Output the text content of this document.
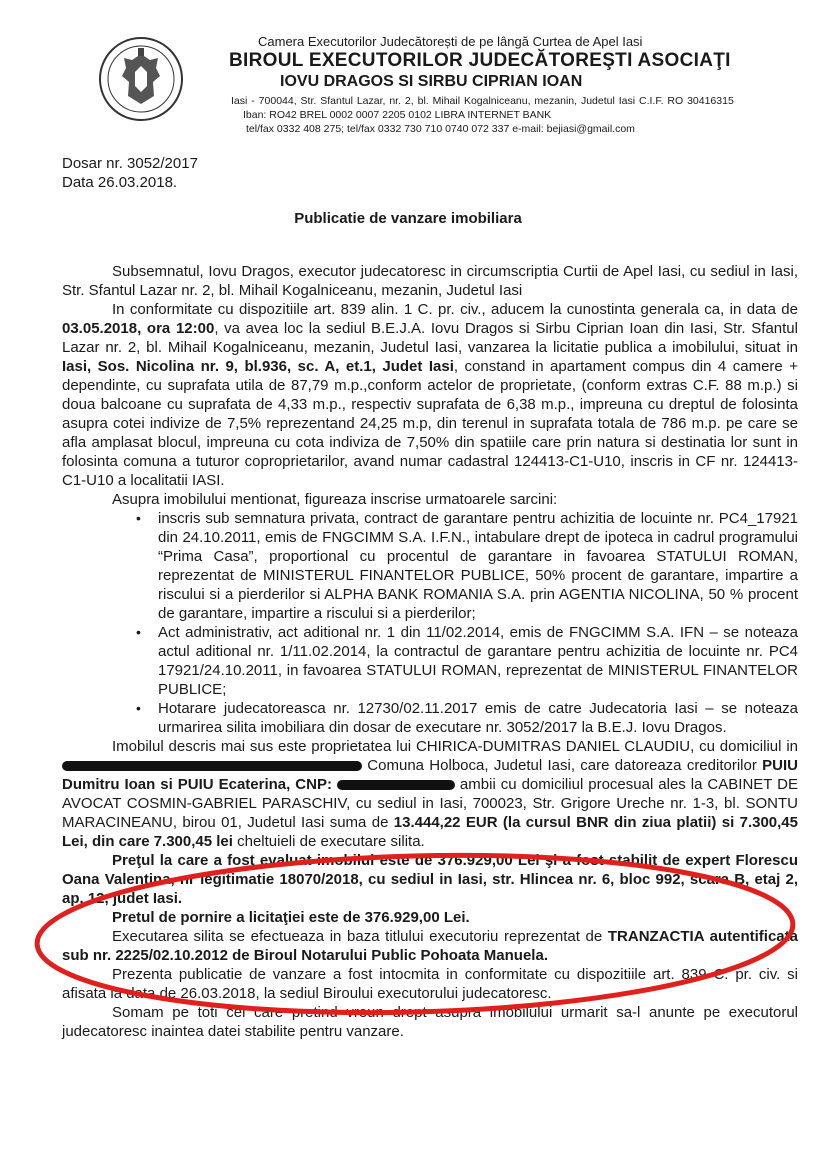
Camera Executorilor Judecătorești de pe lângă Curtea de Apel Iasi
BIROUL EXECUTORILOR JUDECĂTOREŞTI ASOCIAŢI
IOVU DRAGOS SI SIRBU CIPRIAN IOAN
Iasi - 700044, Str. Sfantul Lazar, nr. 2, bl. Mihail Kogalniceanu, mezanin, Judetul Iasi C.I.F. RO 30416315
Iban: RO42 BREL 0002 0007 2205 0102 LIBRA INTERNET BANK
tel/fax 0332 408 275; tel/fax 0332 730 710 0740 072 337 e-mail: bejiasi@gmail.com
Dosar nr. 3052/2017
Data 26.03.2018.
Publicatie de vanzare imobiliara

Subsemnatul, Iovu Dragos, executor judecatoresc in circumscriptia Curtii de Apel Iasi, cu sediul in Iasi, Str. Sfantul Lazar nr. 2, bl. Mihail Kogalniceanu, mezanin, Judetul Iasi

In conformitate cu dispozitiile art. 839 alin. 1 C. pr. civ., aducem la cunostinta generala ca, in data de 03.05.2018, ora 12:00, va avea loc la sediul B.E.J.A. Iovu Dragos si Sirbu Ciprian Ioan din Iasi, Str. Sfantul Lazar nr. 2, bl. Mihail Kogalniceanu, mezanin, Judetul Iasi, vanzarea la licitatie publica a imobilului, situat in Iasi, Sos. Nicolina nr. 9, bl.936, sc. A, et.1, Judet Iasi, constand in apartament compus din 4 camere + dependinte, cu suprafata utila de 87,79 m.p.,conform actelor de proprietate, (conform extras C.F. 88 m.p.) si doua balcoane cu suprafata de 4,33 m.p., respectiv suprafata de 6,38 m.p., impreuna cu dreptul de folosinta asupra cotei indivize de 7,5% reprezentand 24,25 m.p, din terenul in suprafata totala de 786 m.p. pe care se afla amplasat blocul, impreuna cu cota indiviza de 7,50% din spatiile care prin natura si destinatia lor sunt in folosinta comuna a tuturor coproprietarilor, avand numar cadastral 124413-C1-U10, inscris in CF nr. 124413-C1-U10 a localitatii IASI.

Asupra imobilului mentionat, figureaza inscrise urmatoarele sarcini:

• inscris sub semnatura privata, contract de garantare pentru achizitia de locuinte nr. PC4_17921 din 24.10.2011, emis de FNGCIMM S.A. I.F.N., intabulare drept de ipoteca in cadrul programului “Prima Casa”, proportional cu procentul de garantare in favoarea STATULUI ROMAN, reprezentat de MINISTERUL FINANTELOR PUBLICE, 50% procent de garantare, impartire a riscului si a pierderilor si ALPHA BANK ROMANIA S.A. prin AGENTIA NICOLINA, 50 % procent de garantare, impartire a riscului si a pierderilor;
• Act administrativ, act aditional nr. 1 din 11/02.2014, emis de FNGCIMM S.A. IFN – se noteaza actul aditional nr. 1/11.02.2014, la contractul de garantare pentru achizitia de locuinte nr. PC4 17921/24.10.2011, in favoarea STATULUI ROMAN, reprezentat de MINISTERUL FINANTELOR PUBLICE;
• Hotarare judecatoreasca nr. 12730/02.11.2017 emis de catre Judecatoria Iasi – se noteaza urmarirea silita imobiliara din dosar de executare nr. 3052/2017 la B.E.J. Iovu Dragos.

Imobilul descris mai sus este proprietatea lui CHIRICA-DUMITRAS DANIEL CLAUDIU, cu domiciliul in  Comuna Holboca, Judetul Iasi, care datoreaza creditorilor PUIU Dumitru Ioan si PUIU Ecaterina, CNP:	ambii cu domiciliul procesual ales la CABINET DE AVOCAT COSMIN-GABRIEL PARASCHIV, cu sediul in Iasi, 700023, Str. Grigore Ureche nr. 1-3, bl. SONTU MARACINEANU, birou 01, Judetul Iasi suma de 13.444,22 EUR (la cursul BNR din ziua platii) si 7.300,45 Lei, din care 7.300,45 lei cheltuieli de executare silita.

Preţul la care a fost evaluat imobilul este de 376.929,00 Lei şi a fost stabilit de expert Florescu Oana Valentina, nr legitimatie 18070/2018, cu sediul in Iasi, str. Hlincea nr. 6, bloc 992, scara B, etaj 2, ap. 12, judet Iasi.

Pretul de pornire a licitaţiei este de 376.929,00 Lei.

Executarea silita se efectueaza in baza titlului executoriu reprezentat de TRANZACTIA autentificata sub nr. 2225/02.10.2012 de Biroul Notarului Public Pohoata Manuela.

Prezenta publicatie de vanzare a fost intocmita in conformitate cu dispozitiile art. 839 C. pr. civ. si afisata la data de 26.03.2018, la sediul Biroului executorului judecatoresc.

Somam pe toti cei care pretind vreun drept asupra imobilului urmarit sa-l anunte pe executorul judecatoresc inaintea datei stabilite pentru vanzare.
